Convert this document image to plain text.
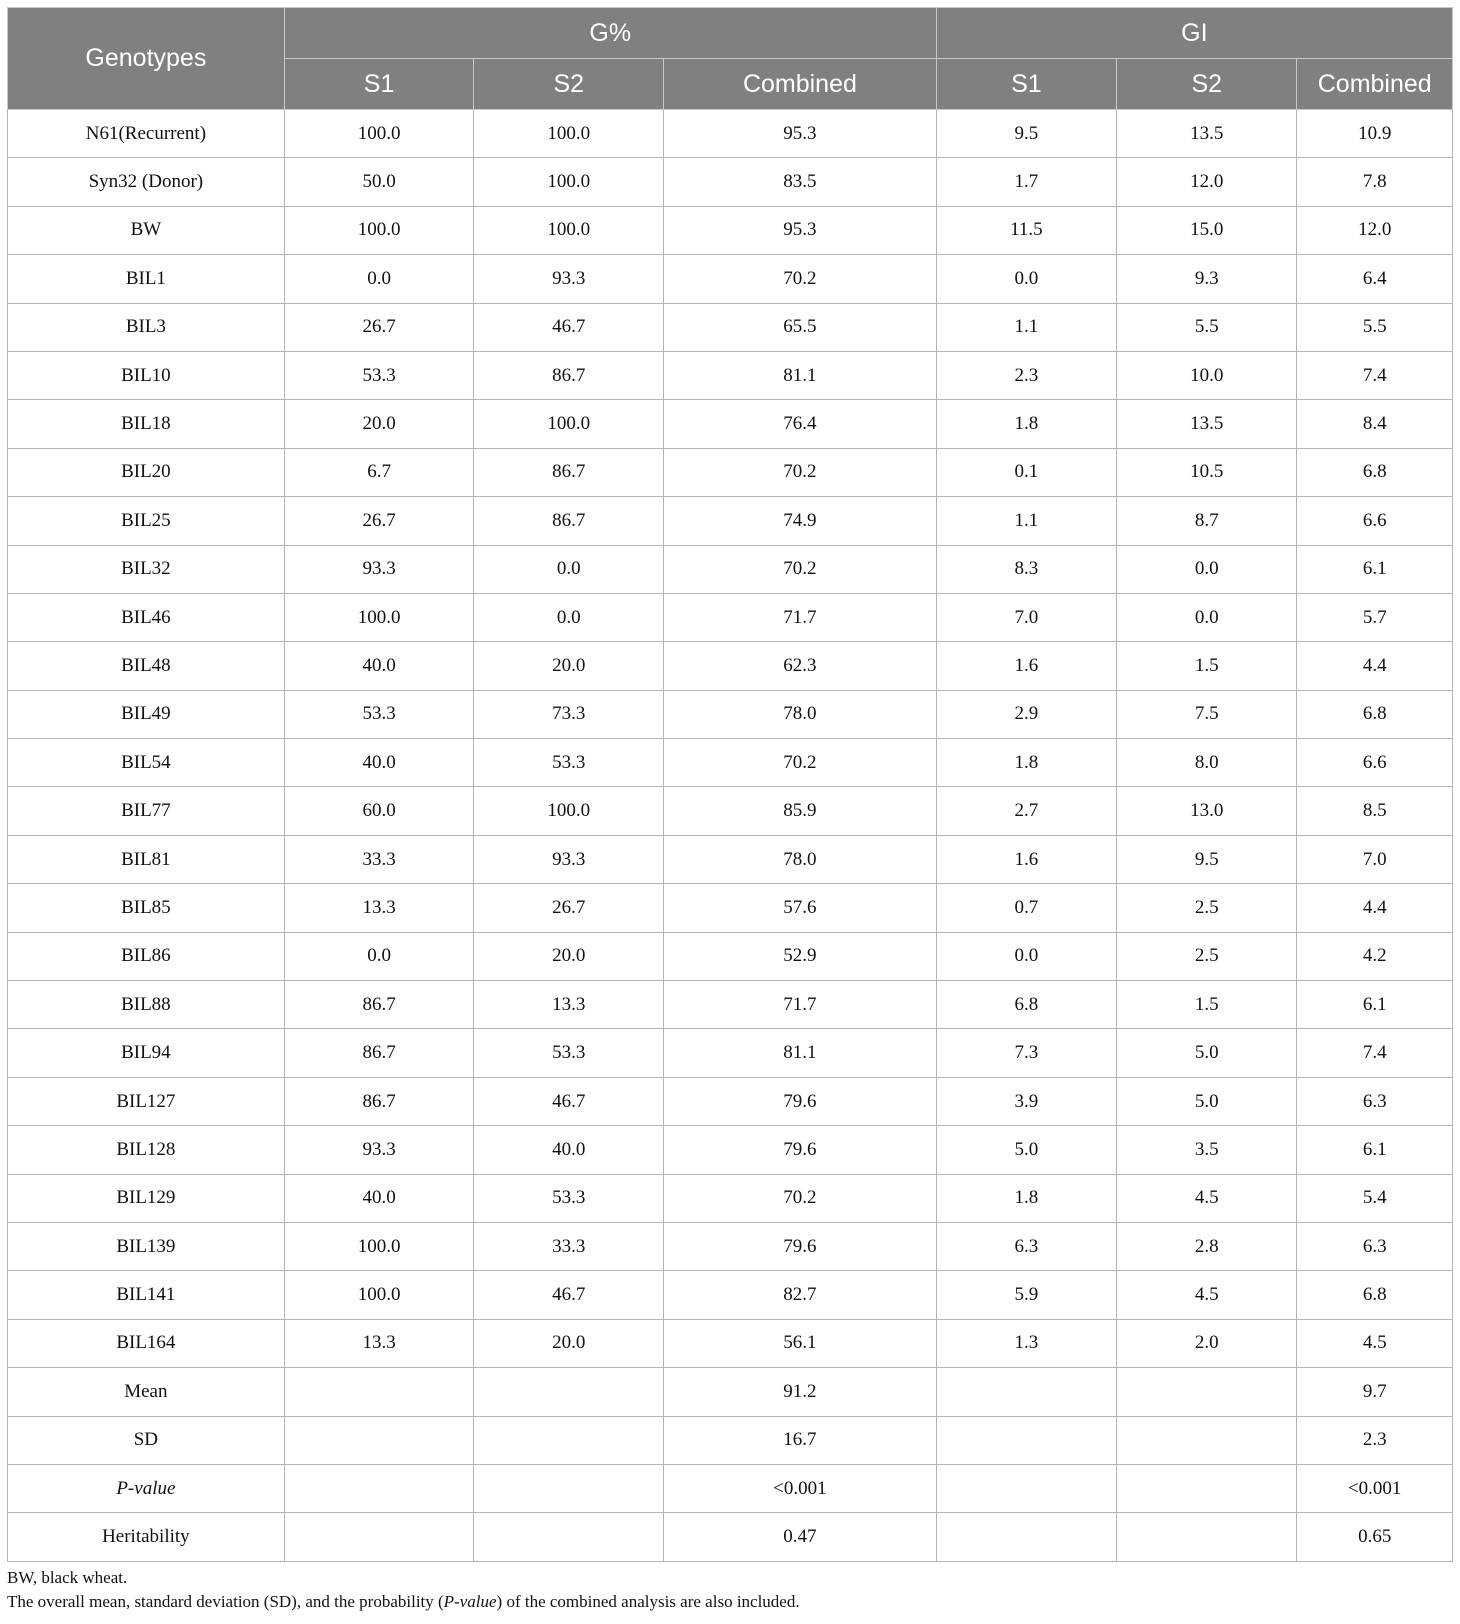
Genotypes	G%			GI		
	S1	S2	Combined	S1	S2	Combined
N61(Recurrent)	100.0	100.0	95.3	9.5	13.5	10.9
Syn32 (Donor)	50.0	100.0	83.5	1.7	12.0	7.8
BW	100.0	100.0	95.3	11.5	15.0	12.0
BIL1	0.0	93.3	70.2	0.0	9.3	6.4
BIL3	26.7	46.7	65.5	1.1	5.5	5.5
BIL10	53.3	86.7	81.1	2.3	10.0	7.4
BIL18	20.0	100.0	76.4	1.8	13.5	8.4
BIL20	6.7	86.7	70.2	0.1	10.5	6.8
BIL25	26.7	86.7	74.9	1.1	8.7	6.6
BIL32	93.3	0.0	70.2	8.3	0.0	6.1
BIL46	100.0	0.0	71.7	7.0	0.0	5.7
BIL48	40.0	20.0	62.3	1.6	1.5	4.4
BIL49	53.3	73.3	78.0	2.9	7.5	6.8
BIL54	40.0	53.3	70.2	1.8	8.0	6.6
BIL77	60.0	100.0	85.9	2.7	13.0	8.5
BIL81	33.3	93.3	78.0	1.6	9.5	7.0
BIL85	13.3	26.7	57.6	0.7	2.5	4.4
BIL86	0.0	20.0	52.9	0.0	2.5	4.2
BIL88	86.7	13.3	71.7	6.8	1.5	6.1
BIL94	86.7	53.3	81.1	7.3	5.0	7.4
BIL127	86.7	46.7	79.6	3.9	5.0	6.3
BIL128	93.3	40.0	79.6	5.0	3.5	6.1
BIL129	40.0	53.3	70.2	1.8	4.5	5.4
BIL139	100.0	33.3	79.6	6.3	2.8	6.3
BIL141	100.0	46.7	82.7	5.9	4.5	6.8
BIL164	13.3	20.0	56.1	1.3	2.0	4.5
Mean			91.2			9.7
SD			16.7			2.3
P-value			<0.001			<0.001
Heritability			0.47			0.65
BW, black wheat.
The overall mean, standard deviation (SD), and the probability (P-value) of the combined analysis are also included.
